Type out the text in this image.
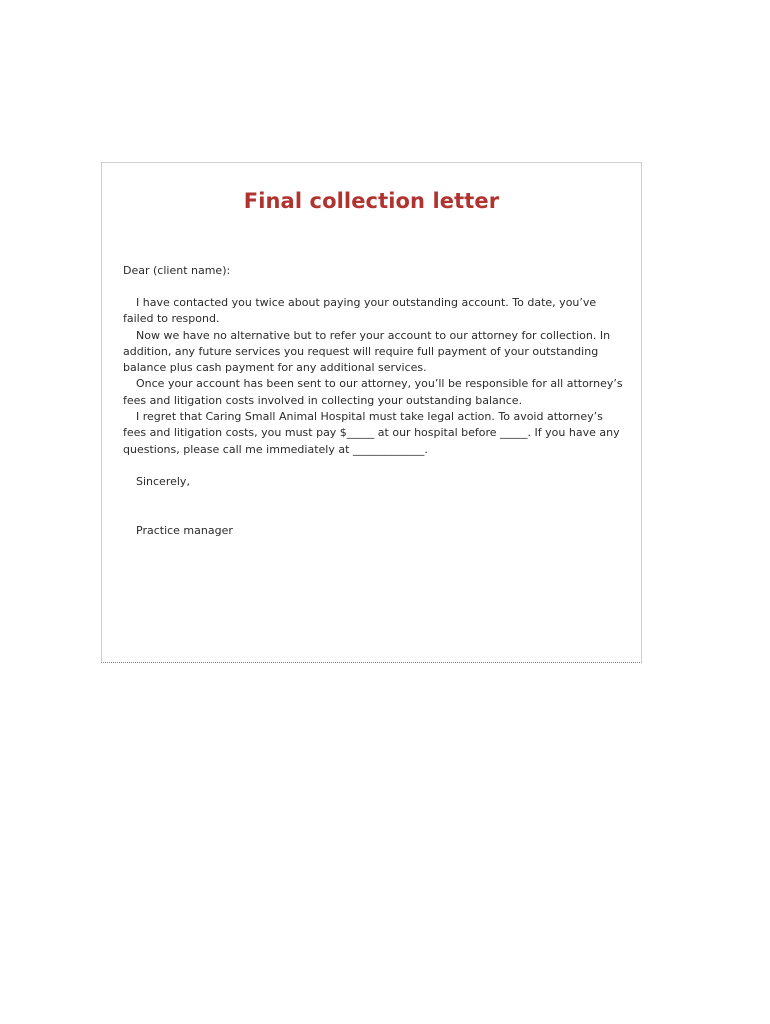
Final collection letter
Dear (client name):

I have contacted you twice about paying your outstanding account. To date, you’ve failed to respond.

Now we have no alternative but to refer your account to our attorney for collection. In addition, any future services you request will require full payment of your outstanding balance plus cash payment for any additional services.

Once your account has been sent to our attorney, you’ll be responsible for all attorney’s fees and litigation costs involved in collecting your outstanding balance.

I regret that Caring Small Animal Hospital must take legal action. To avoid attorney’s fees and litigation costs, you must pay $_____ at our hospital before _____. If you have any questions, please call me immediately at _____________.

Sincerely,
Practice manager
